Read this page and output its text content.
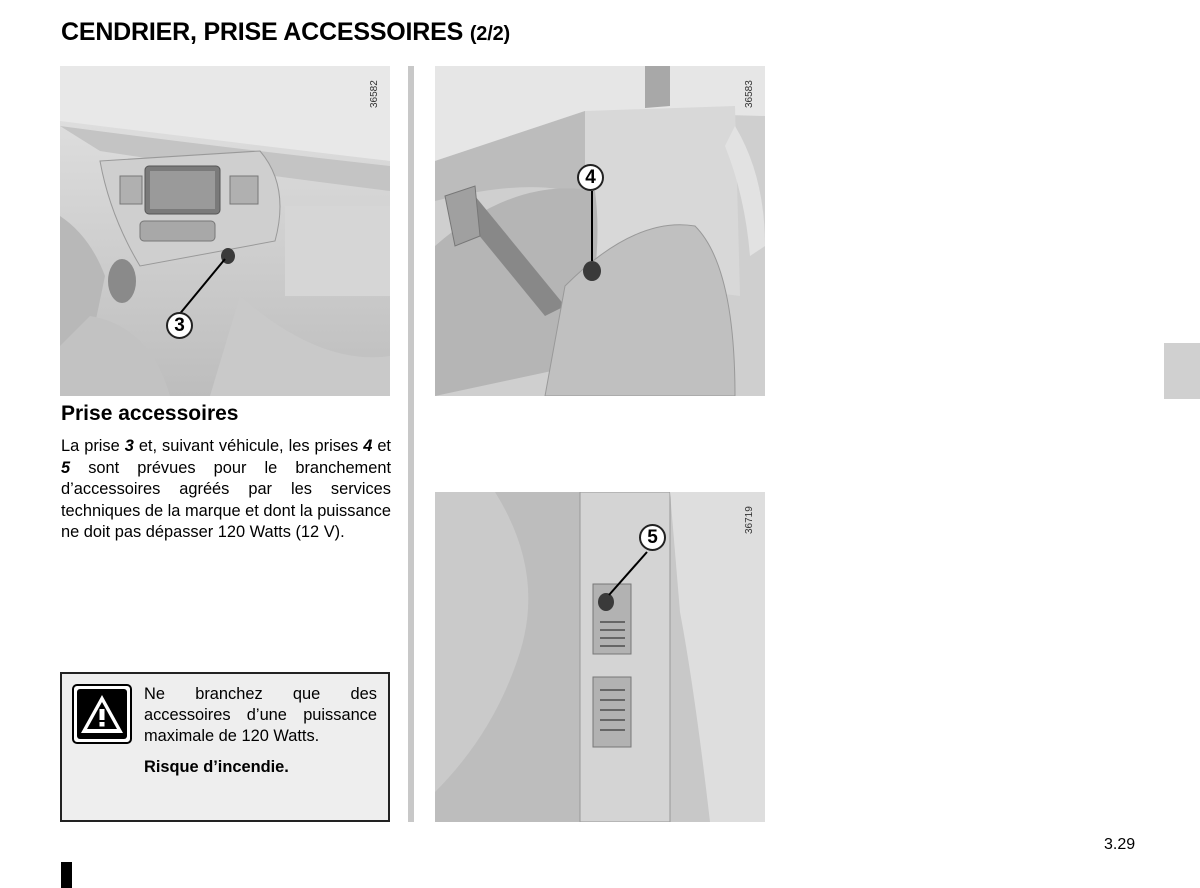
CENDRIER, PRISE ACCESSOIRES (2/2)
36582
3
36583
4
36719
5
Prise accessoires
La prise 3 et, suivant véhicule, les prises 4 et 5 sont prévues pour le branchement d’accessoires agréés par les services techniques de la marque et dont la puissance ne doit pas dépasser 120 Watts (12 V).
Ne branchez que des accessoires d’une puissance maximale de 120 Watts.
Risque d’incendie.
3.29
